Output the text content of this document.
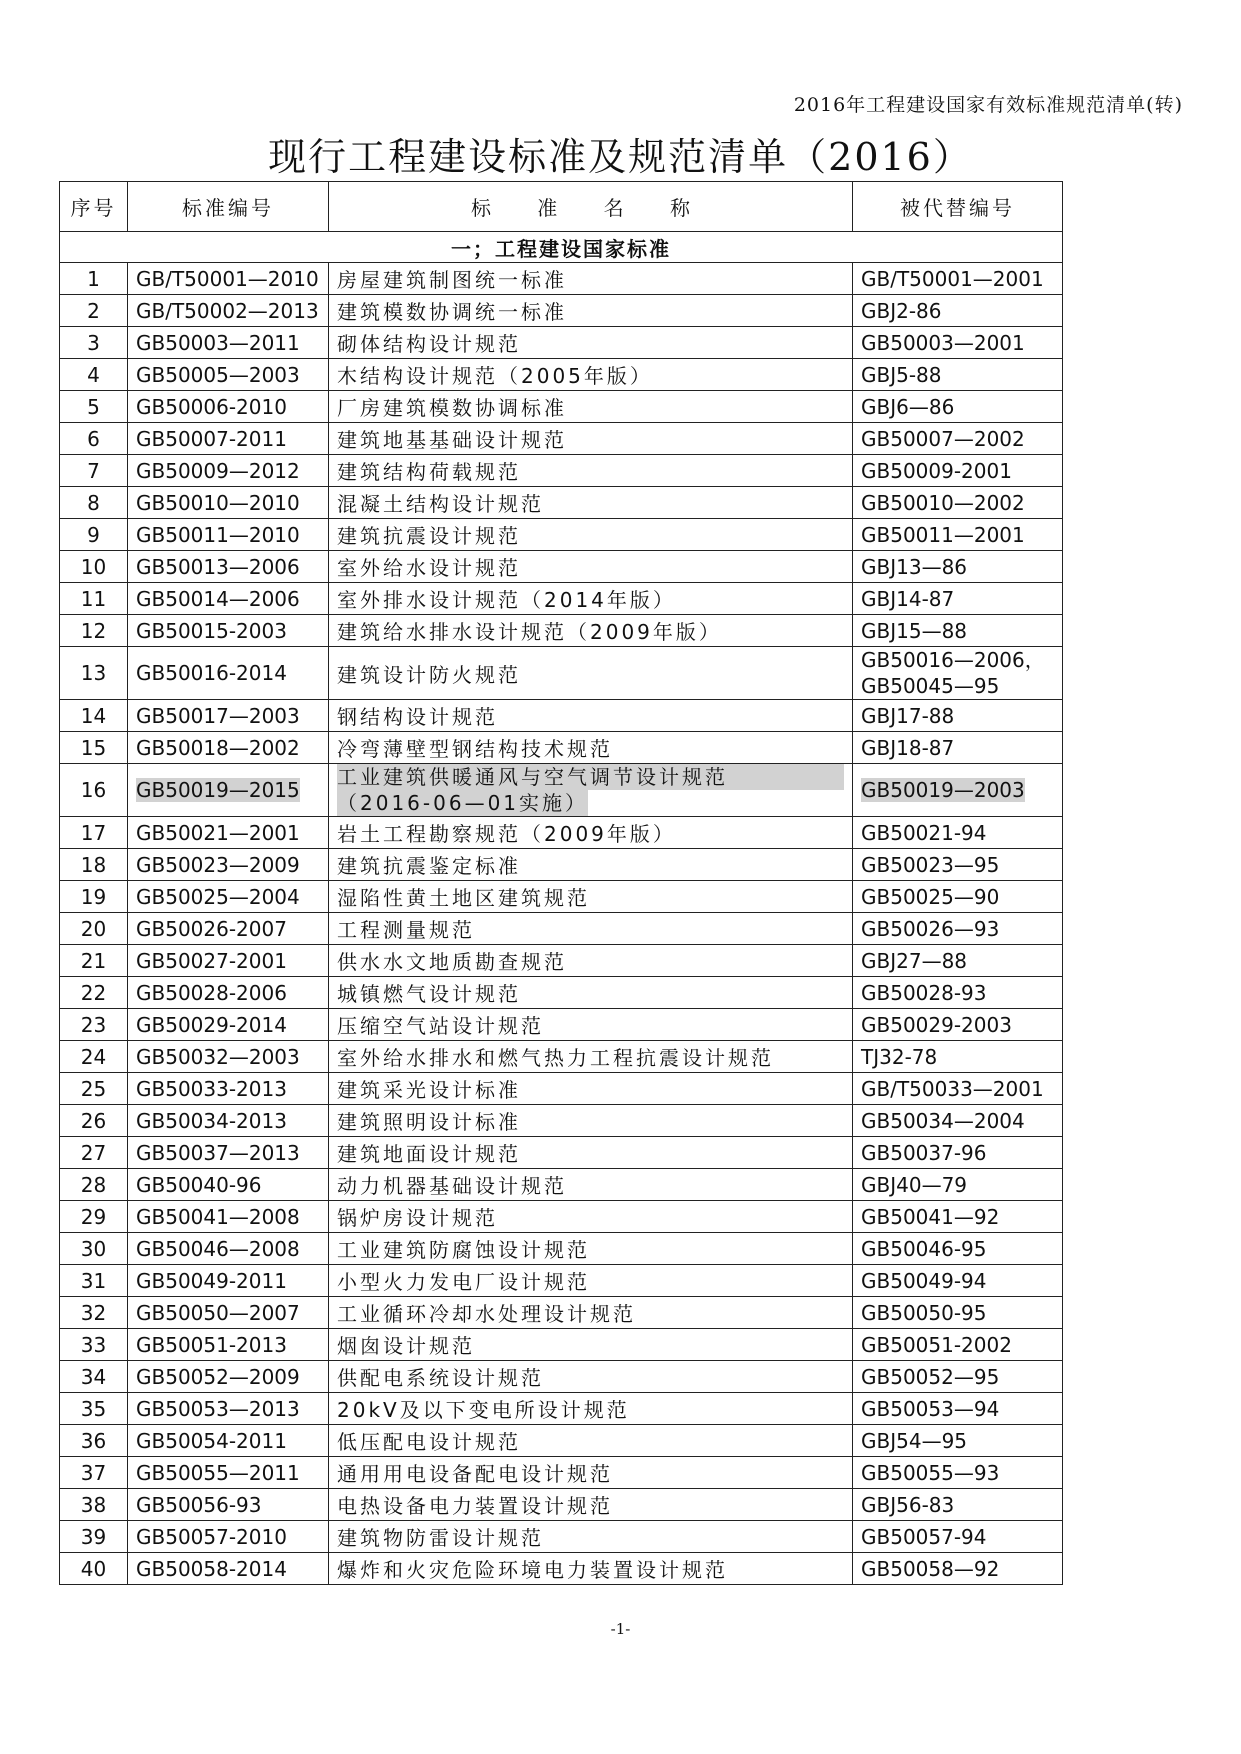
2016年工程建设国家有效标准规范清单(转)
现行工程建设标准及规范清单（2016）
序号	标准编号	标 准 名 称	被代替编号
一；工程建设国家标准			
1	GB/T50001—2010	房屋建筑制图统一标准	GB/T50001—2001
2	GB/T50002—2013	建筑模数协调统一标准	GBJ2-86
3	GB50003—2011	砌体结构设计规范	GB50003—2001
4	GB50005—2003	木结构设计规范（2005年版）	GBJ5-88
5	GB50006-2010	厂房建筑模数协调标准	GBJ6—86
6	GB50007-2011	建筑地基基础设计规范	GB50007—2002
7	GB50009—2012	建筑结构荷载规范	GB50009-2001
8	GB50010—2010	混凝土结构设计规范	GB50010—2002
9	GB50011—2010	建筑抗震设计规范	GB50011—2001
10	GB50013—2006	室外给水设计规范	GBJ13—86
11	GB50014—2006	室外排水设计规范（2014年版）	GBJ14-87
12	GB50015-2003	建筑给水排水设计规范（2009年版）	GBJ15—88
13	GB50016-2014	建筑设计防火规范	GB50016—2006，
GB50045—95

14	GB50017—2003	钢结构设计规范	GBJ17-88
15	GB50018—2002	冷弯薄壁型钢结构技术规范	GBJ18-87
16	GB50019—2015	工业建筑供暖通风与空气调节设计规范
（2016-06—01实施）	GB50019—2003
17	GB50021—2001	岩土工程勘察规范（2009年版）	GB50021-94
18	GB50023—2009	建筑抗震鉴定标准	GB50023—95
19	GB50025—2004	湿陷性黄土地区建筑规范	GB50025—90
20	GB50026-2007	工程测量规范	GB50026—93
21	GB50027-2001	供水水文地质勘查规范	GBJ27—88
22	GB50028-2006	城镇燃气设计规范	GB50028-93
23	GB50029-2014	压缩空气站设计规范	GB50029-2003
24	GB50032—2003	室外给水排水和燃气热力工程抗震设计规范	TJ32-78
25	GB50033-2013	建筑采光设计标准	GB/T50033—2001
26	GB50034-2013	建筑照明设计标准	GB50034—2004
27	GB50037—2013	建筑地面设计规范	GB50037-96
28	GB50040-96	动力机器基础设计规范	GBJ40—79
29	GB50041—2008	锅炉房设计规范	GB50041—92
30	GB50046—2008	工业建筑防腐蚀设计规范	GB50046-95
31	GB50049-2011	小型火力发电厂设计规范	GB50049-94
32	GB50050—2007	工业循环冷却水处理设计规范	GB50050-95
33	GB50051-2013	烟囱设计规范	GB50051-2002
34	GB50052—2009	供配电系统设计规范	GB50052—95
35	GB50053—2013	20kV及以下变电所设计规范	GB50053—94
36	GB50054-2011	低压配电设计规范	GBJ54—95
37	GB50055—2011	通用用电设备配电设计规范	GB50055—93
38	GB50056-93	电热设备电力装置设计规范	GBJ56-83
39	GB50057-2010	建筑物防雷设计规范	GB50057-94
40	GB50058-2014	爆炸和火灾危险环境电力装置设计规范	GB50058—92
-1-
